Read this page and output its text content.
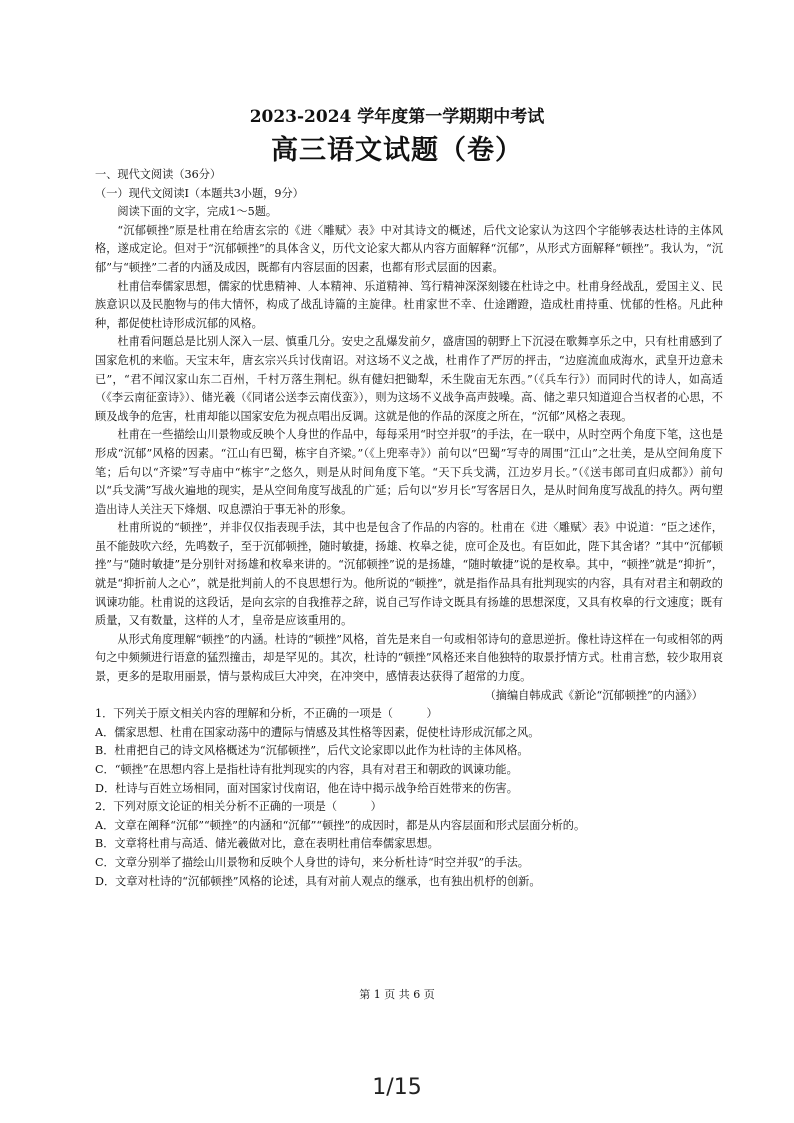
2023-2024 学年度第一学期期中考试
高三语文试题（卷）

一、现代文阅读（36分）

（一）现代文阅读Ⅰ（本题共3小题，9分）

阅读下面的文字，完成1～5题。

“沉郁顿挫”原是杜甫在给唐玄宗的《进〈雕赋〉表》中对其诗文的概述，后代文论家认为这四个字能够表达杜诗的主体风格，遂成定论。但对于“沉郁顿挫”的具体含义，历代文论家大都从内容方面解释“沉郁”，从形式方面解释“顿挫”。我认为，“沉郁”与“顿挫”二者的内涵及成因，既都有内容层面的因素，也都有形式层面的因素。

杜甫信奉儒家思想，儒家的忧患精神、人本精神、乐道精神、笃行精神深深刻镂在杜诗之中。杜甫身经战乱，爱国主义、民族意识以及民胞物与的伟大情怀，构成了战乱诗篇的主旋律。杜甫家世不幸、仕途蹭蹬，造成杜甫持重、忧郁的性格。凡此种种，都促使杜诗形成沉郁的风格。

杜甫看问题总是比别人深入一层、慎重几分。安史之乱爆发前夕，盛唐国的朝野上下沉浸在歌舞享乐之中，只有杜甫感到了国家危机的来临。天宝末年，唐玄宗兴兵讨伐南诏。对这场不义之战，杜甫作了严厉的抨击，“边庭流血成海水，武皇开边意未已”，“君不闻汉家山东二百州，千村万落生荆杞。纵有健妇把锄犁，禾生陇亩无东西。”（《兵车行》）而同时代的诗人，如高适（《李云南征蛮诗》）、储光羲（《同诸公送李云南伐蛮》），则为这场不义战争高声鼓噪。高、储之辈只知道迎合当权者的心思，不顾及战争的危害，杜甫却能以国家安危为视点唱出反调。这就是他的作品的深度之所在，“沉郁”风格之表现。

杜甫在一些描绘山川景物或反映个人身世的作品中，每每采用“时空并驭”的手法，在一联中，从时空两个角度下笔，这也是形成“沉郁”风格的因素。“江山有巴蜀，栋宇自齐梁。”（《上兜率寺》）前句以“巴蜀”写寺的周围“江山”之壮美，是从空间角度下笔；后句以“齐梁”写寺庙中“栋宇”之悠久，则是从时间角度下笔。“天下兵戈满，江边岁月长。”（《送韦郎司直归成都》）前句以“兵戈满”写战火遍地的现实，是从空间角度写战乱的广延；后句以“岁月长”写客居日久，是从时间角度写战乱的持久。两句塑造出诗人关注天下烽烟、叹息漂泊于事无补的形象。

杜甫所说的“顿挫”，并非仅仅指表现手法，其中也是包含了作品的内容的。杜甫在《进〈雕赋〉表》中说道：“臣之述作，虽不能鼓吹六经，先鸣数子，至于沉郁顿挫，随时敏捷，扬雄、枚皋之徒，庶可企及也。有臣如此，陛下其舍诸？”其中“沉郁顿挫”与“随时敏捷”是分别针对扬雄和枚皋来讲的。“沉郁顿挫”说的是扬雄，“随时敏捷”说的是枚皋。其中，“顿挫”就是“抑折”，就是“抑折前人之心”，就是批判前人的不良思想行为。他所说的“顿挫”，就是指作品具有批判现实的内容，具有对君主和朝政的讽谏功能。杜甫说的这段话，是向玄宗的自我推荐之辞，说自己写作诗文既具有扬雄的思想深度，又具有枚皋的行文速度；既有质量，又有数量，这样的人才，皇帝是应该重用的。

从形式角度理解“顿挫”的内涵。杜诗的“顿挫”风格，首先是来自一句或相邻诗句的意思逆折。像杜诗这样在一句或相邻的两句之中频频进行语意的猛烈撞击，却是罕见的。其次，杜诗的“顿挫”风格还来自他独特的取景抒情方式。杜甫言愁，较少取用哀景，更多的是取用丽景，情与景构成巨大冲突，在冲突中，感情表达获得了超常的力度。

（摘编自韩成武《新论“沉郁顿挫”的内涵》）

1．下列关于原文相关内容的理解和分析，不正确的一项是（　　　）

A．儒家思想、杜甫在国家动荡中的遭际与情感及其性格等因素，促使杜诗形成沉郁之风。

B．杜甫把自己的诗文风格概述为“沉郁顿挫”，后代文论家即以此作为杜诗的主体风格。

C．“顿挫”在思想内容上是指杜诗有批判现实的内容，具有对君王和朝政的讽谏功能。

D．杜诗与百姓立场相同，面对国家讨伐南诏，他在诗中揭示战争给百姓带来的伤害。

2．下列对原文论证的相关分析不正确的一项是（　　　）

A．文章在阐释“沉郁”“顿挫”的内涵和“沉郁”“顿挫”的成因时，都是从内容层面和形式层面分析的。

B．文章将杜甫与高适、储光羲做对比，意在表明杜甫信奉儒家思想。

C．文章分别举了描绘山川景物和反映个人身世的诗句，来分析杜诗“时空并驭”的手法。

D．文章对杜诗的“沉郁顿挫”风格的论述，具有对前人观点的继承，也有独出机杼的创新。

第 1 页 共 6 页
1/15
